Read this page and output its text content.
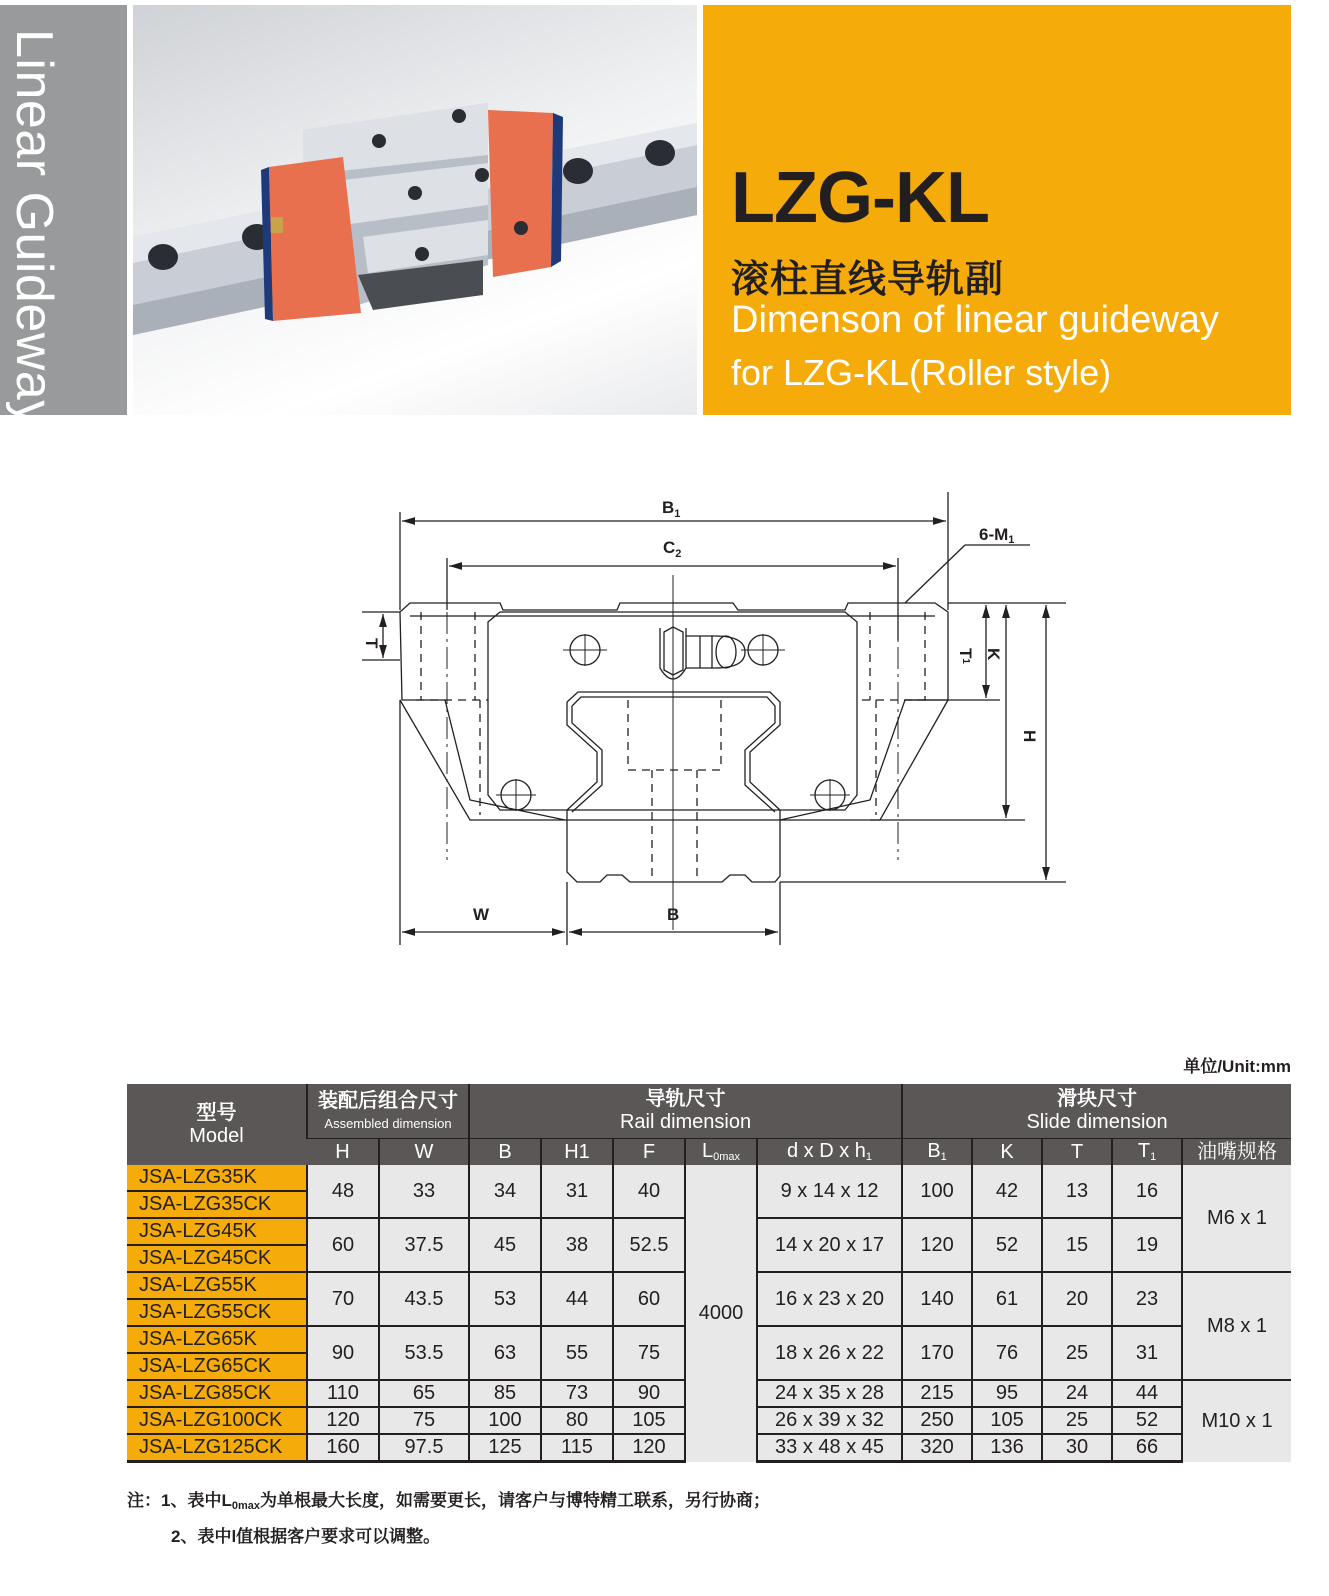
Linear Guideway	LZG-KL
滚柱直线导轨副
Dimenson of linear guideway
for LZG-KL(Roller style)
$B_1$
$C_2$
6-M1
T
T1
K
H
W	B
单位/Unit:mm
型号
Model	装配后组合尺寸
Assembled dimension		导轨尺寸
Rail dimension					滑块尺寸
Slide dimension				

	H	W	B	H1	F	$L_{0max}$	d x D x $h_1$	$B_1$	K	T	$T_1$	油嘴规格
JSA-LZG35K	48	33	34	31	40	4000	9 x 14 x 12	100	42	13	16	M6 x 1
JSA-LZG35CK												
JSA-LZG45K	60	37.5	45	38	52.5		14 x 20 x 17	120	52	15	19	
JSA-LZG45CK												
JSA-LZG55K	70	43.5	53	44	60		16 x 23 x 20	140	61	20	23	M8 x 1
JSA-LZG55CK												
JSA-LZG65K	90	53.5	63	55	75		18 x 26 x 22	170	76	25	31	
JSA-LZG65CK												
JSA-LZG85CK	110	65	85	73	90		24 x 35 x 28	215	95	24	44	M10 x 1
JSA-LZG100CK	120	75	100	80	105		26 x 39 x 32	250	105	25	52	
JSA-LZG125CK	160	97.5	125	115	120		33 x 48 x 45	320	136	30	66	
注：1、表中$L_{0max}$为单根最大长度，如需要更长，请客户与博特精工联系，另行协商；
2、表中l值根据客户要求可以调整。
